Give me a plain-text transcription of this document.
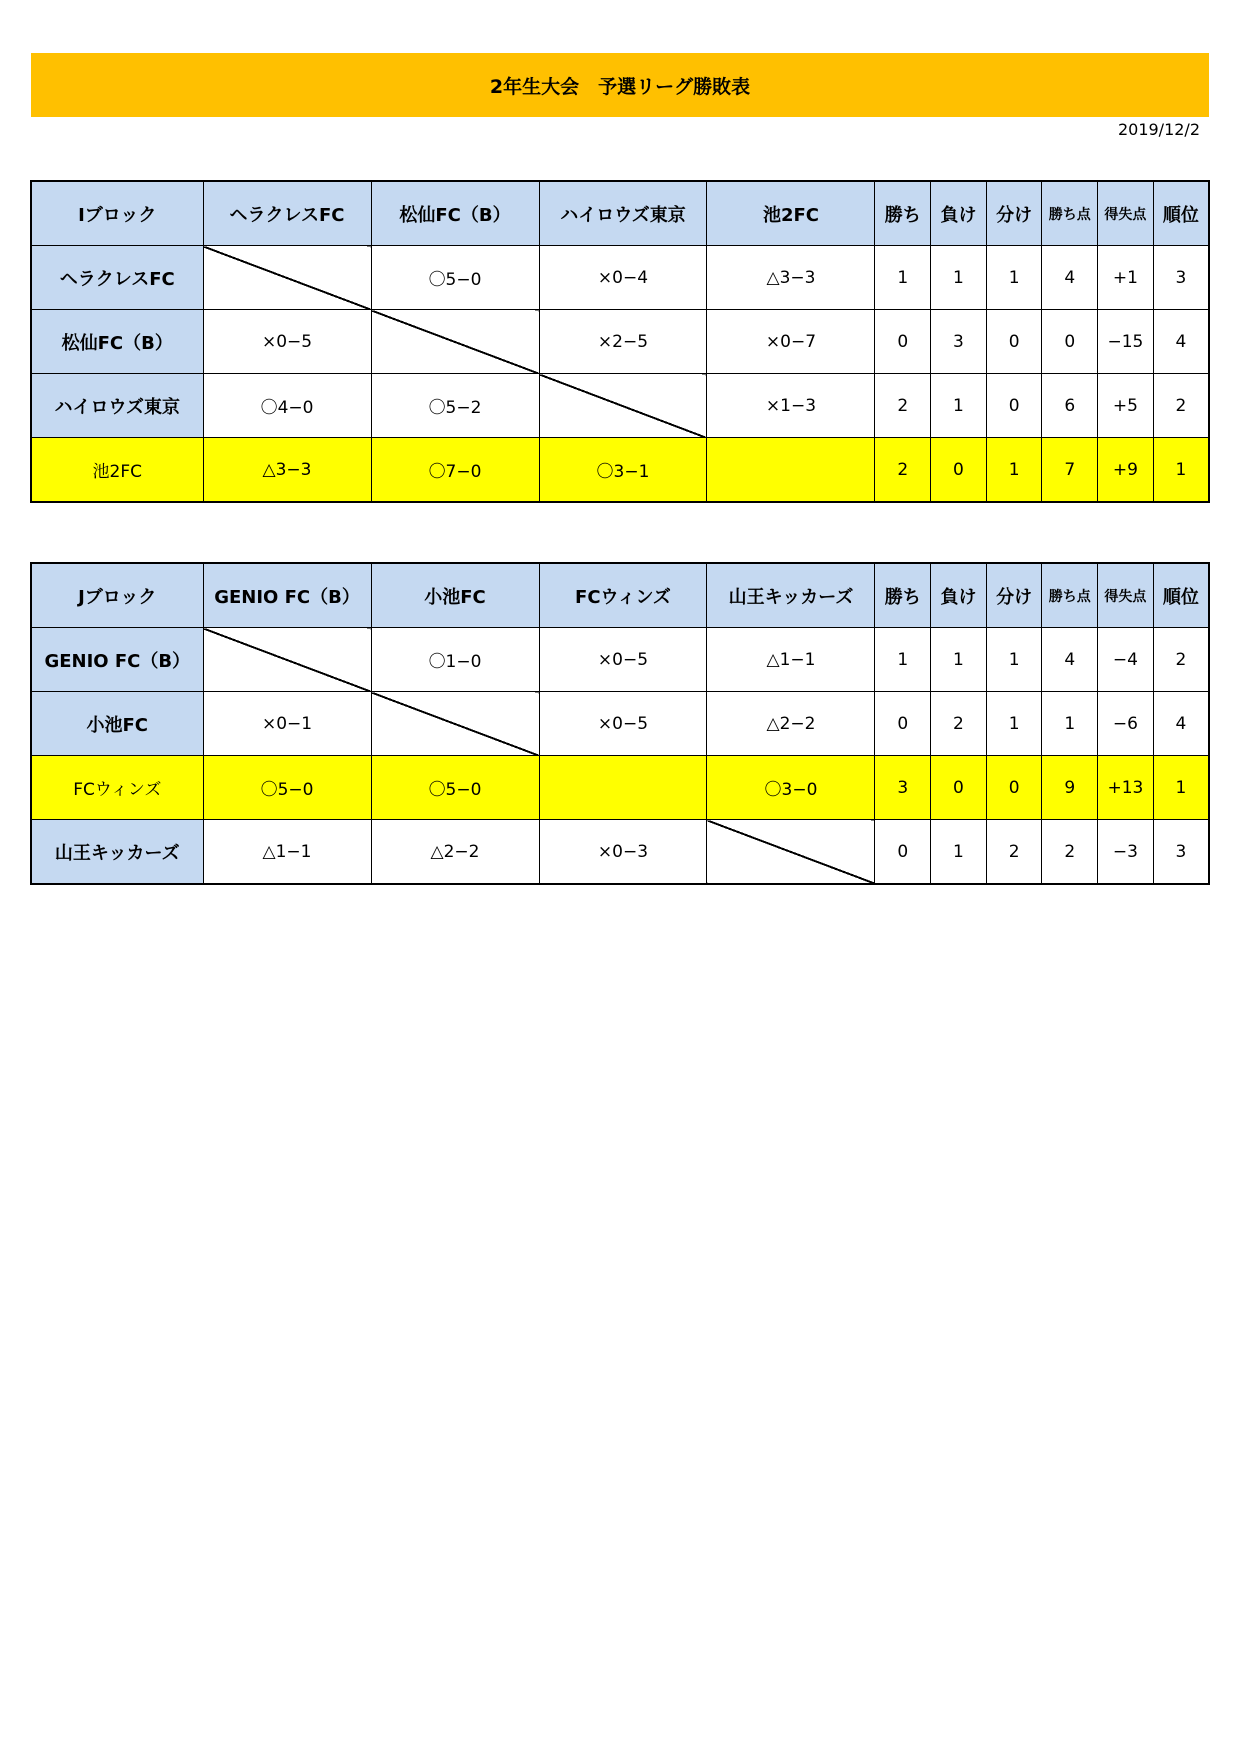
2年生大会　予選リーグ勝敗表
2019/12/2
Iブロック	ヘラクレスFC	松仙FC（B）	ハイロウズ東京	池2FC	勝ち	負け	分け	勝ち点	得失点	順位
ヘラクレスFC		〇5−0	×0−4	△3−3	1	1	1	4	+1	3
松仙FC（B）	×0−5		×2−5	×0−7	0	3	0	0	−15	4
ハイロウズ東京	〇4−0	〇5−2		×1−3	2	1	0	6	+5	2
池2FC	△3−3	〇7−0	〇3−1		2	0	1	7	+9	1
Jブロック	GENIO FC（B）	小池FC	FCウィンズ	山王キッカーズ	勝ち	負け	分け	勝ち点	得失点	順位
GENIO FC（B）		〇1−0	×0−5	△1−1	1	1	1	4	−4	2
小池FC	×0−1		×0−5	△2−2	0	2	1	1	−6	4
FCウィンズ	〇5−0	〇5−0		〇3−0	3	0	0	9	+13	1
山王キッカーズ	△1−1	△2−2	×0−3		0	1	2	2	−3	3
